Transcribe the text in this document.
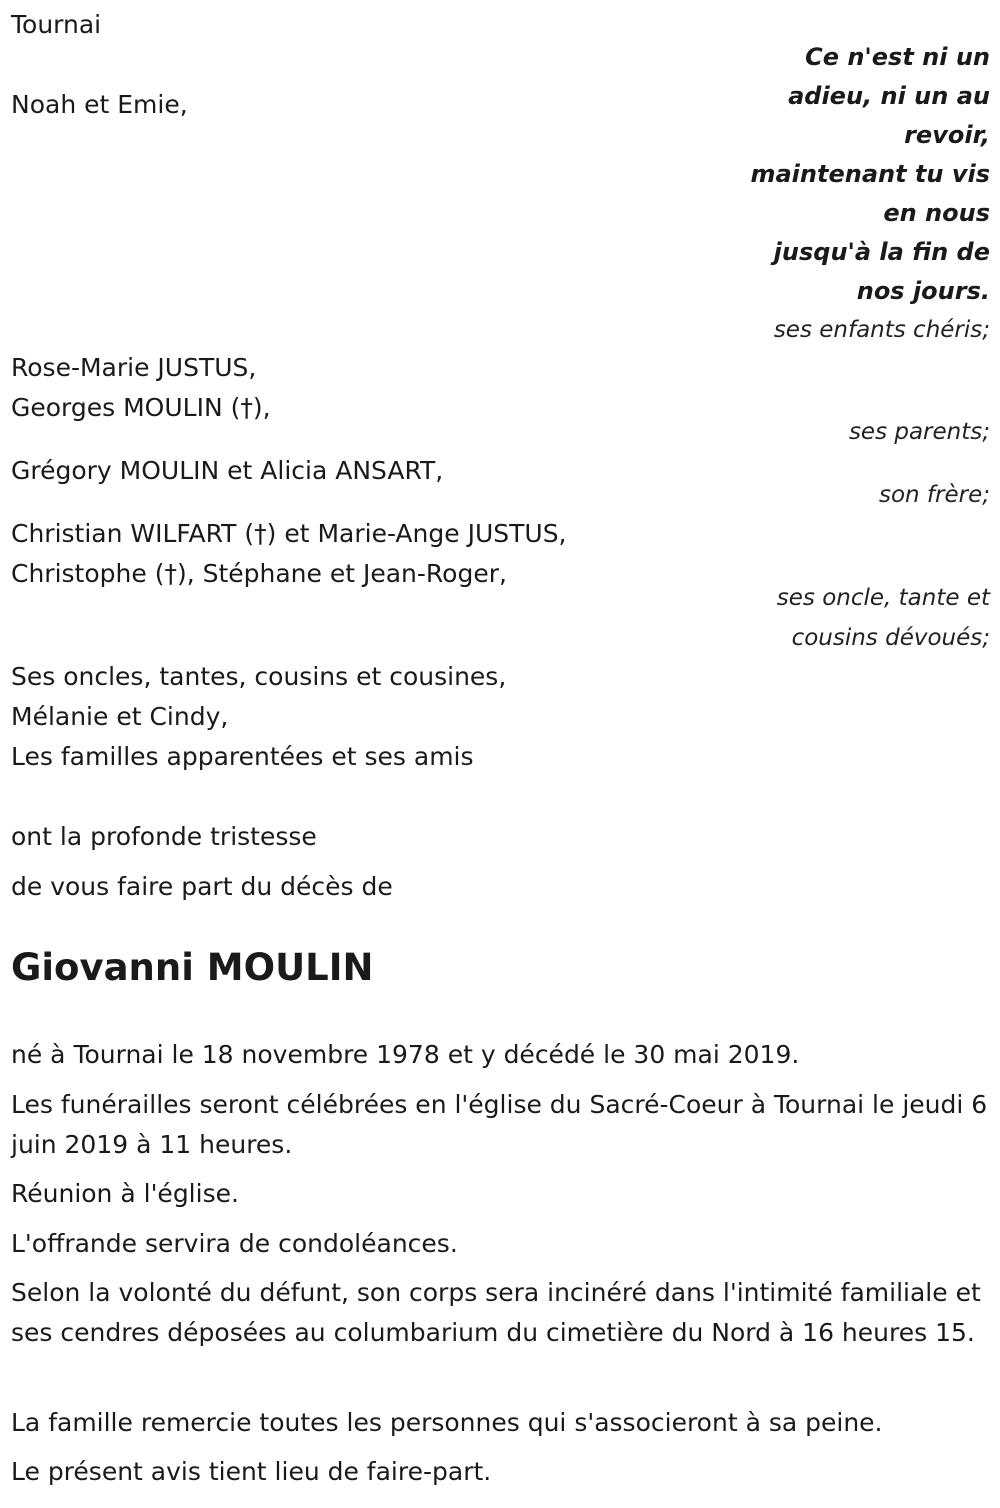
Tournai
Noah et Emie,
Ce n'est ni un
adieu, ni un au
revoir,
maintenant tu vis
en nous
jusqu'à la fin de
nos jours.
ses enfants chéris;
Rose-Marie JUSTUS,
Georges MOULIN (†),
ses parents;
Grégory MOULIN et Alicia ANSART,
son frère;
Christian WILFART (†) et Marie-Ange JUSTUS,
Christophe (†), Stéphane et Jean-Roger,
ses oncle, tante et
cousins dévoués;
Ses oncles, tantes, cousins et cousines,
Mélanie et Cindy,
Les familles apparentées et ses amis
ont la profonde tristesse
de vous faire part du décès de
Giovanni MOULIN
né à Tournai le 18 novembre 1978 et y décédé le 30 mai 2019.
Les funérailles seront célébrées en l'église du Sacré-Coeur à Tournai le jeudi 6 juin 2019 à 11 heures.
Réunion à l'église.
L'offrande servira de condoléances.
Selon la volonté du défunt, son corps sera incinéré dans l'intimité familiale et ses cendres déposées au columbarium du cimetière du Nord à 16 heures 15.
La famille remercie toutes les personnes qui s'associeront à sa peine.
Le présent avis tient lieu de faire-part.
